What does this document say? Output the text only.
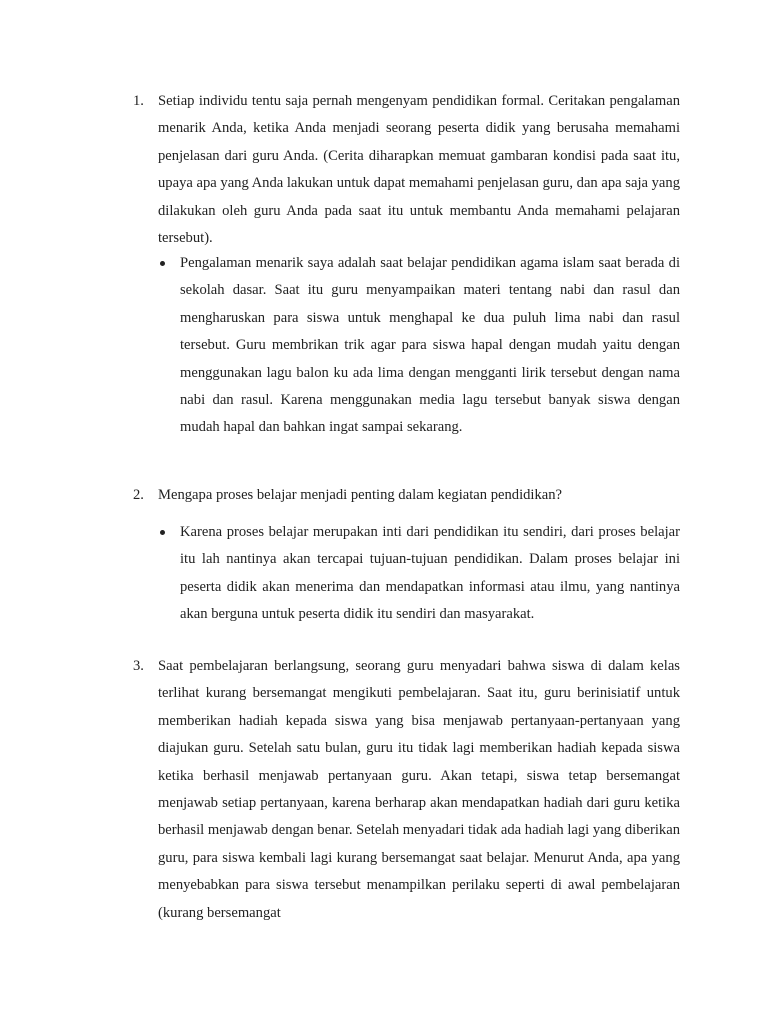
1. Setiap individu tentu saja pernah mengenyam pendidikan formal. Ceritakan pengalaman menarik Anda, ketika Anda menjadi seorang peserta didik yang berusaha memahami penjelasan dari guru Anda. (Cerita diharapkan memuat gambaran kondisi pada saat itu, upaya apa yang Anda lakukan untuk dapat memahami penjelasan guru, dan apa saja yang dilakukan oleh guru Anda pada saat itu untuk membantu Anda memahami pelajaran tersebut).
Pengalaman menarik saya adalah saat belajar pendidikan agama islam saat berada di sekolah dasar. Saat itu guru menyampaikan materi tentang nabi dan rasul dan mengharuskan para siswa untuk menghapal ke dua puluh lima nabi dan rasul tersebut. Guru membrikan trik agar para siswa hapal dengan mudah yaitu dengan menggunakan lagu balon ku ada lima dengan mengganti lirik tersebut dengan nama nabi dan rasul. Karena menggunakan media lagu tersebut banyak siswa dengan mudah hapal dan bahkan ingat sampai sekarang.
2. Mengapa proses belajar menjadi penting dalam kegiatan pendidikan?
Karena proses belajar merupakan inti dari pendidikan itu sendiri, dari proses belajar itu lah nantinya akan tercapai tujuan-tujuan pendidikan. Dalam proses belajar ini peserta didik akan menerima dan mendapatkan informasi atau ilmu, yang nantinya akan berguna untuk peserta didik itu sendiri dan masyarakat.
3. Saat pembelajaran berlangsung, seorang guru menyadari bahwa siswa di dalam kelas terlihat kurang bersemangat mengikuti pembelajaran. Saat itu, guru berinisiatif untuk memberikan hadiah kepada siswa yang bisa menjawab pertanyaan-pertanyaan yang diajukan guru. Setelah satu bulan, guru itu tidak lagi memberikan hadiah kepada siswa ketika berhasil menjawab pertanyaan guru. Akan tetapi, siswa tetap bersemangat menjawab setiap pertanyaan, karena berharap akan mendapatkan hadiah dari guru ketika berhasil menjawab dengan benar. Setelah menyadari tidak ada hadiah lagi yang diberikan guru, para siswa kembali lagi kurang bersemangat saat belajar. Menurut Anda, apa yang menyebabkan para siswa tersebut menampilkan perilaku seperti di awal pembelajaran (kurang bersemangat
